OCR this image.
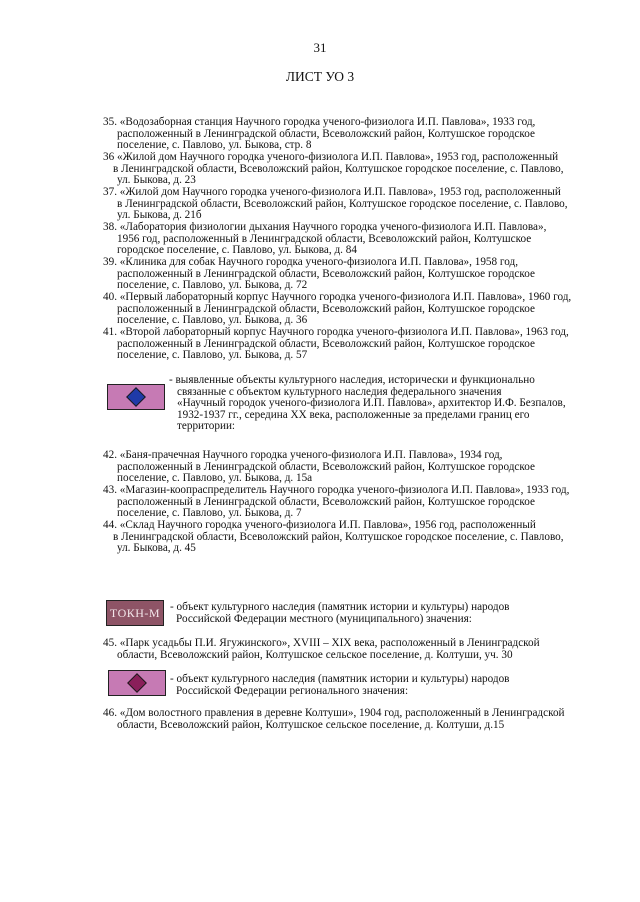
31
ЛИСТ УО 3
35. «Водозаборная станция Научного городка ученого-физиолога И.П. Павлова», 1933 год,
расположенный в Ленинградской области, Всеволожский район, Колтушское городское
поселение, с. Павлово, ул. Быкова, стр. 8
36 «Жилой дом Научного городка ученого-физиолога И.П. Павлова», 1953 год, расположенный
в Ленинградской области, Всеволожский район, Колтушское городское поселение, с. Павлово,
ул. Быкова, д. 23
37. «Жилой дом Научного городка ученого-физиолога И.П. Павлова», 1953 год, расположенный
в Ленинградской области, Всеволожский район, Колтушское городское поселение, с. Павлово,
ул. Быкова, д. 21б
38. «Лаборатория физиологии дыхания Научного городка ученого-физиолога И.П. Павлова»,
1956 год, расположенный в Ленинградской области, Всеволожский район, Колтушское
городское поселение, с. Павлово, ул. Быкова, д. 84
39. «Клиника для собак Научного городка ученого-физиолога И.П. Павлова», 1958 год,
расположенный в Ленинградской области, Всеволожский район, Колтушское городское
поселение, с. Павлово, ул. Быкова, д. 72
40. «Первый лабораторный корпус Научного городка ученого-физиолога И.П. Павлова», 1960 год,
расположенный в Ленинградской области, Всеволожский район, Колтушское городское
поселение, с. Павлово, ул. Быкова, д. 36
41. «Второй лабораторный корпус Научного городка ученого-физиолога И.П. Павлова», 1963 год,
расположенный в Ленинградской области, Всеволожский район, Колтушское городское
поселение, с. Павлово, ул. Быкова, д. 57
- выявленные объекты культурного наследия, исторически и функционально
связанные с объектом культурного наследия федерального значения
«Научный городок ученого-физиолога И.П. Павлова», архитектор И.Ф. Безпалов,
1932-1937 гг., середина XX века, расположенные за пределами границ его
территории:
42. «Баня-прачечная Научного городка ученого-физиолога И.П. Павлова», 1934 год,
расположенный в Ленинградской области, Всеволожский район, Колтушское городское
поселение, с. Павлово, ул. Быкова, д. 15а
43. «Магазин-коопраспределитель Научного городка ученого-физиолога И.П. Павлова», 1933 год,
расположенный в Ленинградской области, Всеволожский район, Колтушское городское
поселение, с. Павлово, ул. Быкова, д. 7
44. «Склад Научного городка ученого-физиолога И.П. Павлова», 1956 год, расположенный
в Ленинградской области, Всеволожский район, Колтушское городское поселение, с. Павлово,
ул. Быкова, д. 45
ТОКН-М - объект культурного наследия (памятник истории и культуры) народов
Российской Федерации местного (муниципального) значения:
45. «Парк усадьбы П.И. Ягужинского», XVIII – XIX века, расположенный в Ленинградской
области, Всеволожский район, Колтушское сельское поселение, д. Колтуши, уч. 30
- объект культурного наследия (памятник истории и культуры) народов
Российской Федерации регионального значения:
46. «Дом волостного правления в деревне Колтуши», 1904 год, расположенный в Ленинградской
области, Всеволожский район, Колтушское сельское поселение, д. Колтуши, д.15
